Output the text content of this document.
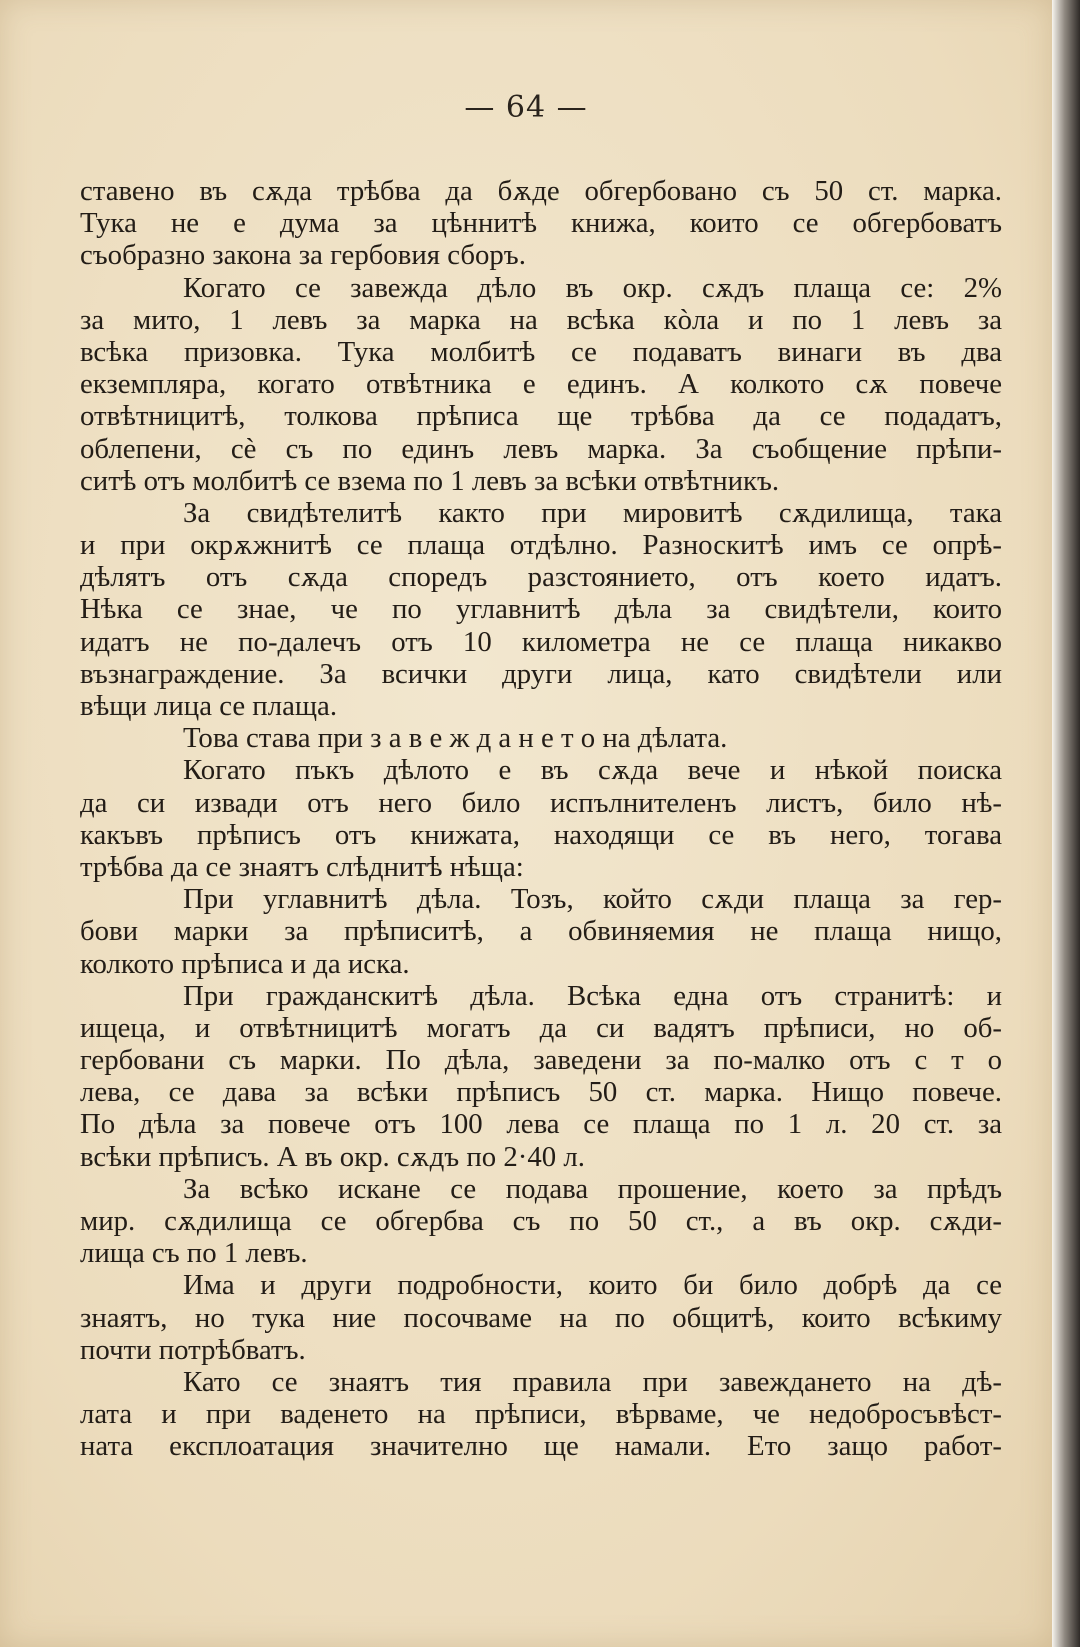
— 64 —
ставено въ сѫда трѣбва да бѫде обгербовано съ 50 ст. марка.
Тука не е дума за цѣннитѣ книжа, които се обгербоватъ
съобразно закона за гербовия сборъ.
Когато се завежда дѣло въ окр. сѫдъ плаща се: 2%
за мито, 1 левъ за марка на всѣка кòла и по 1 левъ за
всѣка призовка. Тука молбитѣ се подаватъ винаги въ два
екземпляра, когато отвѣтника е единъ. А колкото сѫ повече
отвѣтницитѣ, толкова прѣписа ще трѣбва да се подадатъ,
облепени, сè съ по единъ левъ марка. За съобщение прѣпи-
ситѣ отъ молбитѣ се взема по 1 левъ за всѣки отвѣтникъ.
За свидѣтелитѣ както при мировитѣ сѫдилища, така
и при окрѫжнитѣ се плаща отдѣлно. Разноскитѣ имъ се опрѣ-
дѣлятъ отъ сѫда споредъ разстоянието, отъ което идатъ.
Нѣка се знае, че по углавнитѣ дѣла за свидѣтели, които
идатъ не по-далечъ отъ 10 километра не се плаща никакво
възнаграждение. За всички други лица, като свидѣтели или
вѣщи лица се плаща.
Това става при з а в е ж д а н е т о на дѣлата.
Когато пъкъ дѣлото е въ сѫда вече и нѣкой поиска
да си извади отъ него било испълнителенъ листъ, било нѣ-
какъвъ прѣписъ отъ книжата, находящи се въ него, тогава
трѣбва да се знаятъ слѣднитѣ нѣща:
При углавнитѣ дѣла. Тозъ, който сѫди плаща за гер-
бови марки за прѣписитѣ, а обвиняемия не плаща нищо,
колкото прѣписа и да иска.
При гражданскитѣ дѣла. Всѣка една отъ странитѣ: и
ищеца, и отвѣтницитѣ могатъ да си вадятъ прѣписи, но об-
гербовани съ марки. По дѣла, заведени за по-малко отъ с т о
лева, се дава за всѣки прѣписъ 50 ст. марка. Нищо повече.
По дѣла за повече отъ 100 лева се плаща по 1 л. 20 ст. за
всѣки прѣписъ. А въ окр. сѫдъ по 2·40 л.
За всѣко искане се подава прошение, което за прѣдъ
мир. сѫдилища се обгербва съ по 50 ст., а въ окр. сѫди-
лища съ по 1 левъ.
Има и други подробности, които би било добрѣ да се
знаятъ, но тука ние посочваме на по общитѣ, които всѣкиму
почти потрѣбватъ.
Като се знаятъ тия правила при завеждането на дѣ-
лата и при ваденето на прѣписи, вѣрваме, че недобросъвѣст-
ната експлоатация значително ще намали. Ето защо работ-
